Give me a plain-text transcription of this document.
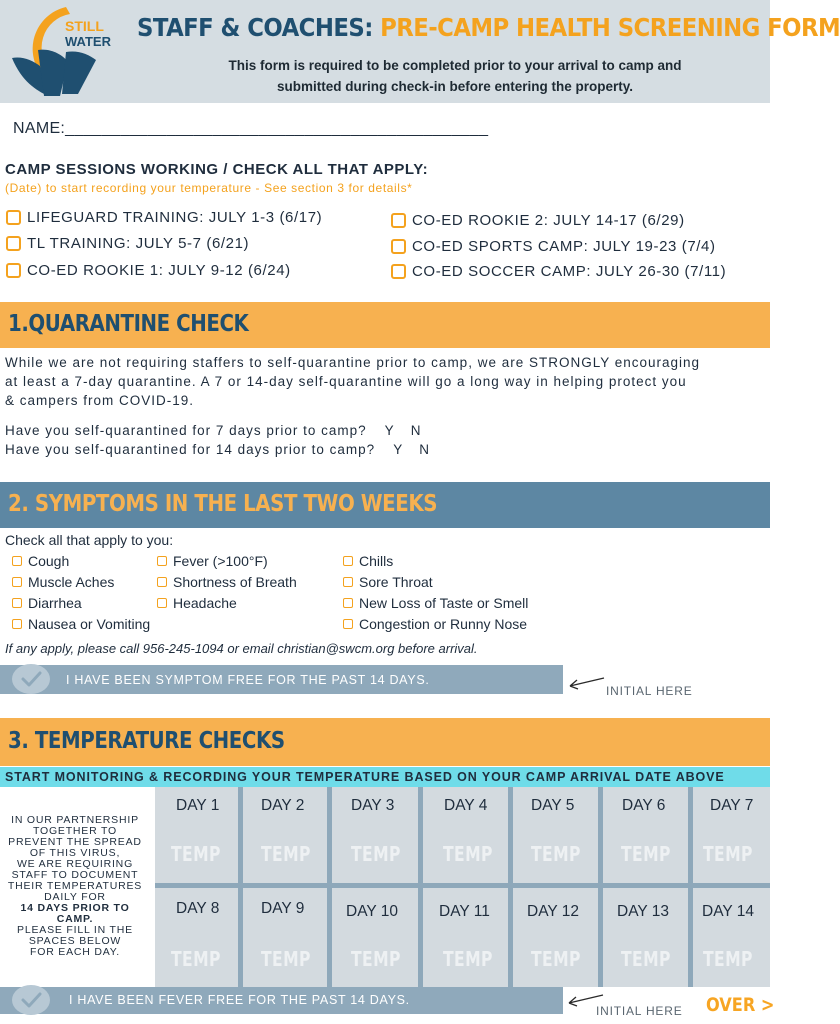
STILL
WATER STAFF & COACHES: PRE-CAMP HEALTH SCREENING FORM
This form is required to be completed prior to your arrival to camp and
submitted during check-in before entering the property.
NAME:______________________________________________
CAMP SESSIONS WORKING / CHECK ALL THAT APPLY:
(Date) to start recording your temperature - See section 3 for details*
LIFEGUARD TRAINING: JULY 1-3 (6/17)
TL TRAINING: JULY 5-7 (6/21)
CO-ED ROOKIE 1: JULY 9-12 (6/24)
CO-ED ROOKIE 2: JULY 14-17 (6/29)
CO-ED SPORTS CAMP: JULY 19-23 (7/4)
CO-ED SOCCER CAMP: JULY 26-30 (7/11)
1.QUARANTINE CHECK
While we are not requiring staffers to self-quarantine prior to camp, we are STRONGLY encouraging
at least a 7-day quarantine. A 7 or 14-day self-quarantine will go a long way in helping protect you
& campers from COVID-19.
Have you self-quarantined for 7 days prior to camp? Y N
Have you self-quarantined for 14 days prior to camp? Y N
2. SYMPTOMS IN THE LAST TWO WEEKS
Check all that apply to you:
Cough
Muscle Aches
Diarrhea
Nausea or Vomiting
Fever (>100°F)
Shortness of Breath
Headache
Chills
Sore Throat
New Loss of Taste or Smell
Congestion or Runny Nose
If any apply, please call 956-245-1094 or email christian@swcm.org before arrival.
I HAVE BEEN SYMPTOM FREE FOR THE PAST 14 DAYS.
INITIAL HERE
3. TEMPERATURE CHECKS
START MONITORING & RECORDING YOUR TEMPERATURE BASED ON YOUR CAMP ARRIVAL DATE ABOVE
IN OUR PARTNERSHIP
TOGETHER TO
PREVENT THE SPREAD
OF THIS VIRUS,
WE ARE REQUIRING
STAFF TO DOCUMENT
THEIR TEMPERATURES
DAILY FOR
14 DAYS PRIOR TO
CAMP.
PLEASE FILL IN THE
SPACES BELOW
FOR EACH DAY.
DAY 1	DAY 2	DAY 3	DAY 4	DAY 5	DAY 6	DAY 7
TEMP TEMP TEMP TEMP TEMP TEMP TEMP
DAY 8	DAY 9	DAY 10	DAY 11 DAY 12 DAY 13 DAY 14
TEMP TEMP TEMP TEMP TEMP TEMP TEMP
I HAVE BEEN FEVER FREE FOR THE PAST 14 DAYS.
INITIAL HERE OVER >
